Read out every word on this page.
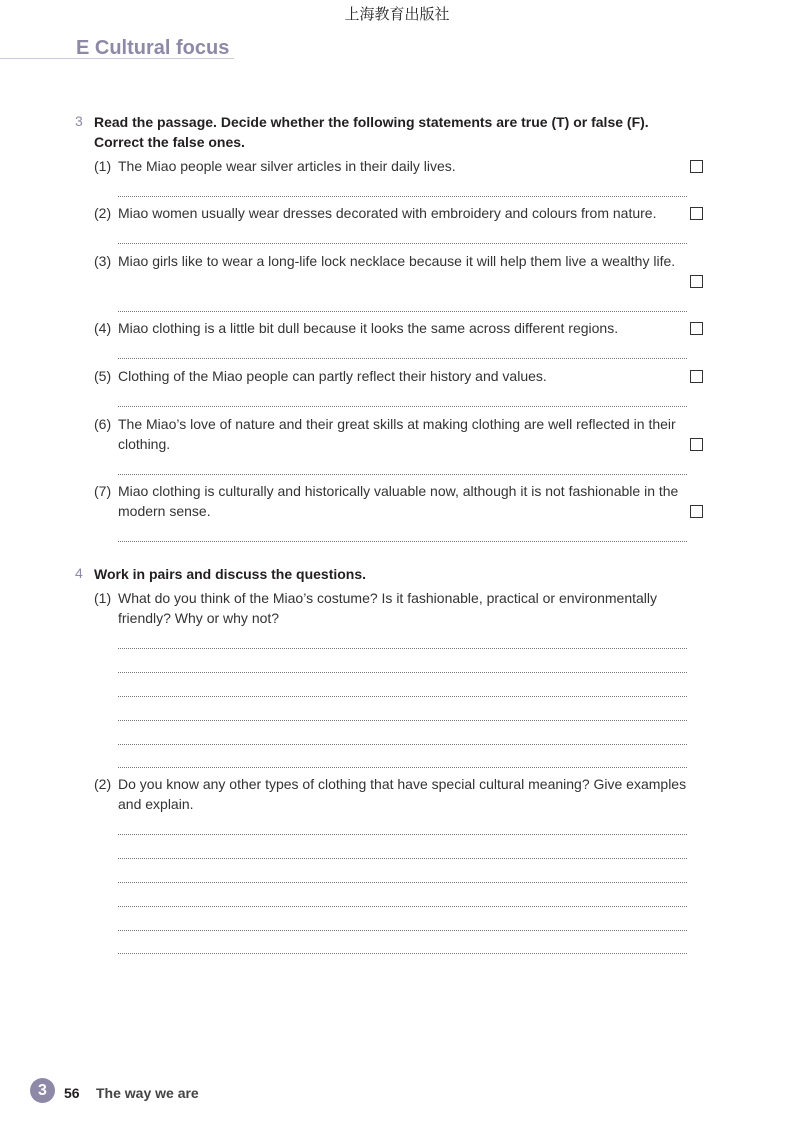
上海教育出版社
E Cultural focus
3 Read the passage. Decide whether the following statements are true (T) or false (F).
Correct the false ones.
(1) The Miao people wear silver articles in their daily lives.
(2) Miao women usually wear dresses decorated with embroidery and colours from nature.
(3) Miao girls like to wear a long-life lock necklace because it will help them live a wealthy life.
(4) Miao clothing is a little bit dull because it looks the same across different regions.
(5) Clothing of the Miao people can partly reflect their history and values.
(6) The Miao’s love of nature and their great skills at making clothing are well reflected in their clothing.
(7) Miao clothing is culturally and historically valuable now, although it is not fashionable in the modern sense.
4 Work in pairs and discuss the questions.
(1) What do you think of the Miao’s costume? Is it fashionable, practical or environmentally friendly? Why or why not?
(2) Do you know any other types of clothing that have special cultural meaning? Give examples and explain.
3	56 The way we are
